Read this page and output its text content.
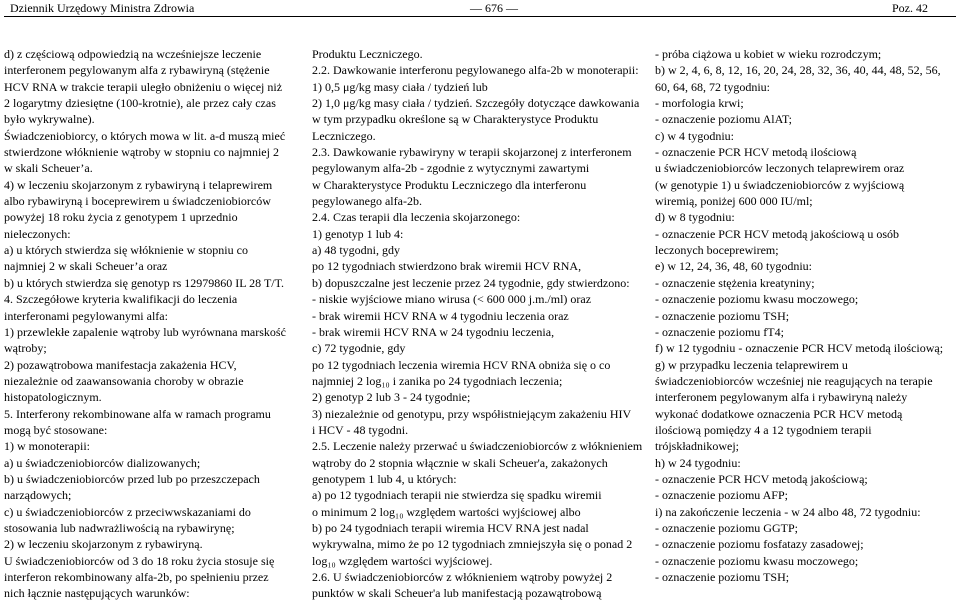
Dziennik Urzędowy Ministra Zdrowia	— 676 —	Poz. 42
d) z częściową odpowiedzią na wcześniejsze leczenie
interferonem pegylowanym alfa z rybawiryną (stężenie
HCV RNA w trakcie terapii uległo obniżeniu o więcej niż
2 logarytmy dziesiętne (100-krotnie), ale przez cały czas
było wykrywalne).
Świadczeniobiorcy, o których mowa w lit. a-d muszą mieć
stwierdzone włóknienie wątroby w stopniu co najmniej 2
w skali Scheuer’a.
4) w leczeniu skojarzonym z rybawiryną i telaprewirem
albo rybawiryną i boceprewirem u świadczeniobiorców
powyżej 18 roku życia z genotypem 1 uprzednio
nieleczonych:
a) u których stwierdza się włóknienie w stopniu co
najmniej 2 w skali Scheuer’a oraz
b) u których stwierdza się genotyp rs 12979860 IL 28 T/T.
4. Szczegółowe kryteria kwalifikacji do leczenia
interferonami pegylowanymi alfa:
1) przewlekłe zapalenie wątroby lub wyrównana marskość
wątroby;
2) pozawątrobowa manifestacja zakażenia HCV,
niezależnie od zaawansowania choroby w obrazie
histopatologicznym.
5. Interferony rekombinowane alfa w ramach programu
mogą być stosowane:
1) w monoterapii:
a) u świadczeniobiorców dializowanych;
b) u świadczeniobiorców przed lub po przeszczepach
narządowych;
c) u świadczeniobiorców z przeciwwskazaniami do
stosowania lub nadwrażliwością na rybawirynę;
2) w leczeniu skojarzonym z rybawiryną.
U świadczeniobiorców od 3 do 18 roku życia stosuje się
interferon rekombinowany alfa-2b, po spełnieniu przez
nich łącznie następujących warunków:
Produktu Leczniczego.
2.2. Dawkowanie interferonu pegylowanego alfa-2b w monoterapii:
1) 0,5 μg/kg masy ciała / tydzień lub
2) 1,0 μg/kg masy ciała / tydzień. Szczegóły dotyczące dawkowania
w tym przypadku określone są w Charakterystyce Produktu
Leczniczego.
2.3. Dawkowanie rybawiryny w terapii skojarzonej z interferonem
pegylowanym alfa-2b - zgodnie z wytycznymi zawartymi
w Charakterystyce Produktu Leczniczego dla interferonu
pegylowanego alfa-2b.
2.4. Czas terapii dla leczenia skojarzonego:
1) genotyp 1 lub 4:
a) 48 tygodni, gdy
po 12 tygodniach stwierdzono brak wiremii HCV RNA,
b) dopuszczalne jest leczenie przez 24 tygodnie, gdy stwierdzono:
- niskie wyjściowe miano wirusa (< 600 000 j.m./ml) oraz
- brak wiremii HCV RNA w 4 tygodniu leczenia oraz
- brak wiremii HCV RNA w 24 tygodniu leczenia,
c) 72 tygodnie, gdy
po 12 tygodniach leczenia wiremia HCV RNA obniża się o co
najmniej 2 log₁₀ i zanika po 24 tygodniach leczenia;
2) genotyp 2 lub 3 - 24 tygodnie;
3) niezależnie od genotypu, przy współistniejącym zakażeniu HIV
i HCV - 48 tygodni.
2.5. Leczenie należy przerwać u świadczeniobiorców z włóknieniem
wątroby do 2 stopnia włącznie w skali Scheuer'a, zakażonych
genotypem 1 lub 4, u których:
a) po 12 tygodniach terapii nie stwierdza się spadku wiremii
o minimum 2 log₁₀ względem wartości wyjściowej albo
b) po 24 tygodniach terapii wiremia HCV RNA jest nadal
wykrywalna, mimo że po 12 tygodniach zmniejszyła się o ponad 2
log₁₀ względem wartości wyjściowej.
2.6. U świadczeniobiorców z włóknieniem wątroby powyżej 2
punktów w skali Scheuer'a lub manifestacją pozawątrobową
- próba ciążowa u kobiet w wieku rozrodczym;
b) w 2, 4, 6, 8, 12, 16, 20, 24, 28, 32, 36, 40, 44, 48, 52, 56,
60, 64, 68, 72 tygodniu:
- morfologia krwi;
- oznaczenie poziomu AlAT;
c) w 4 tygodniu:
- oznaczenie PCR HCV metodą ilościową
u świadczeniobiorców leczonych telaprewirem oraz
(w genotypie 1) u świadczeniobiorców z wyjściową
wiremią, poniżej 600 000 IU/ml;
d) w 8 tygodniu:
- oznaczenie PCR HCV metodą jakościową u osób
leczonych boceprewirem;
e) w 12, 24, 36, 48, 60 tygodniu:
- oznaczenie stężenia kreatyniny;
- oznaczenie poziomu kwasu moczowego;
- oznaczenie poziomu TSH;
- oznaczenie poziomu fT4;
f) w 12 tygodniu - oznaczenie PCR HCV metodą ilościową;
g) w przypadku leczenia telaprewirem u
świadczeniobiorców wcześniej nie reagujących na terapie
interferonem pegylowanym alfa i rybawiryną należy
wykonać dodatkowe oznaczenia PCR HCV metodą
ilościową pomiędzy 4 a 12 tygodniem terapii
trójskładnikowej;
h) w 24 tygodniu:
- oznaczenie PCR HCV metodą jakościową;
- oznaczenie poziomu AFP;
i) na zakończenie leczenia - w 24 albo 48, 72 tygodniu:
- oznaczenie poziomu GGTP;
- oznaczenie poziomu fosfatazy zasadowej;
- oznaczenie poziomu kwasu moczowego;
- oznaczenie poziomu TSH;
